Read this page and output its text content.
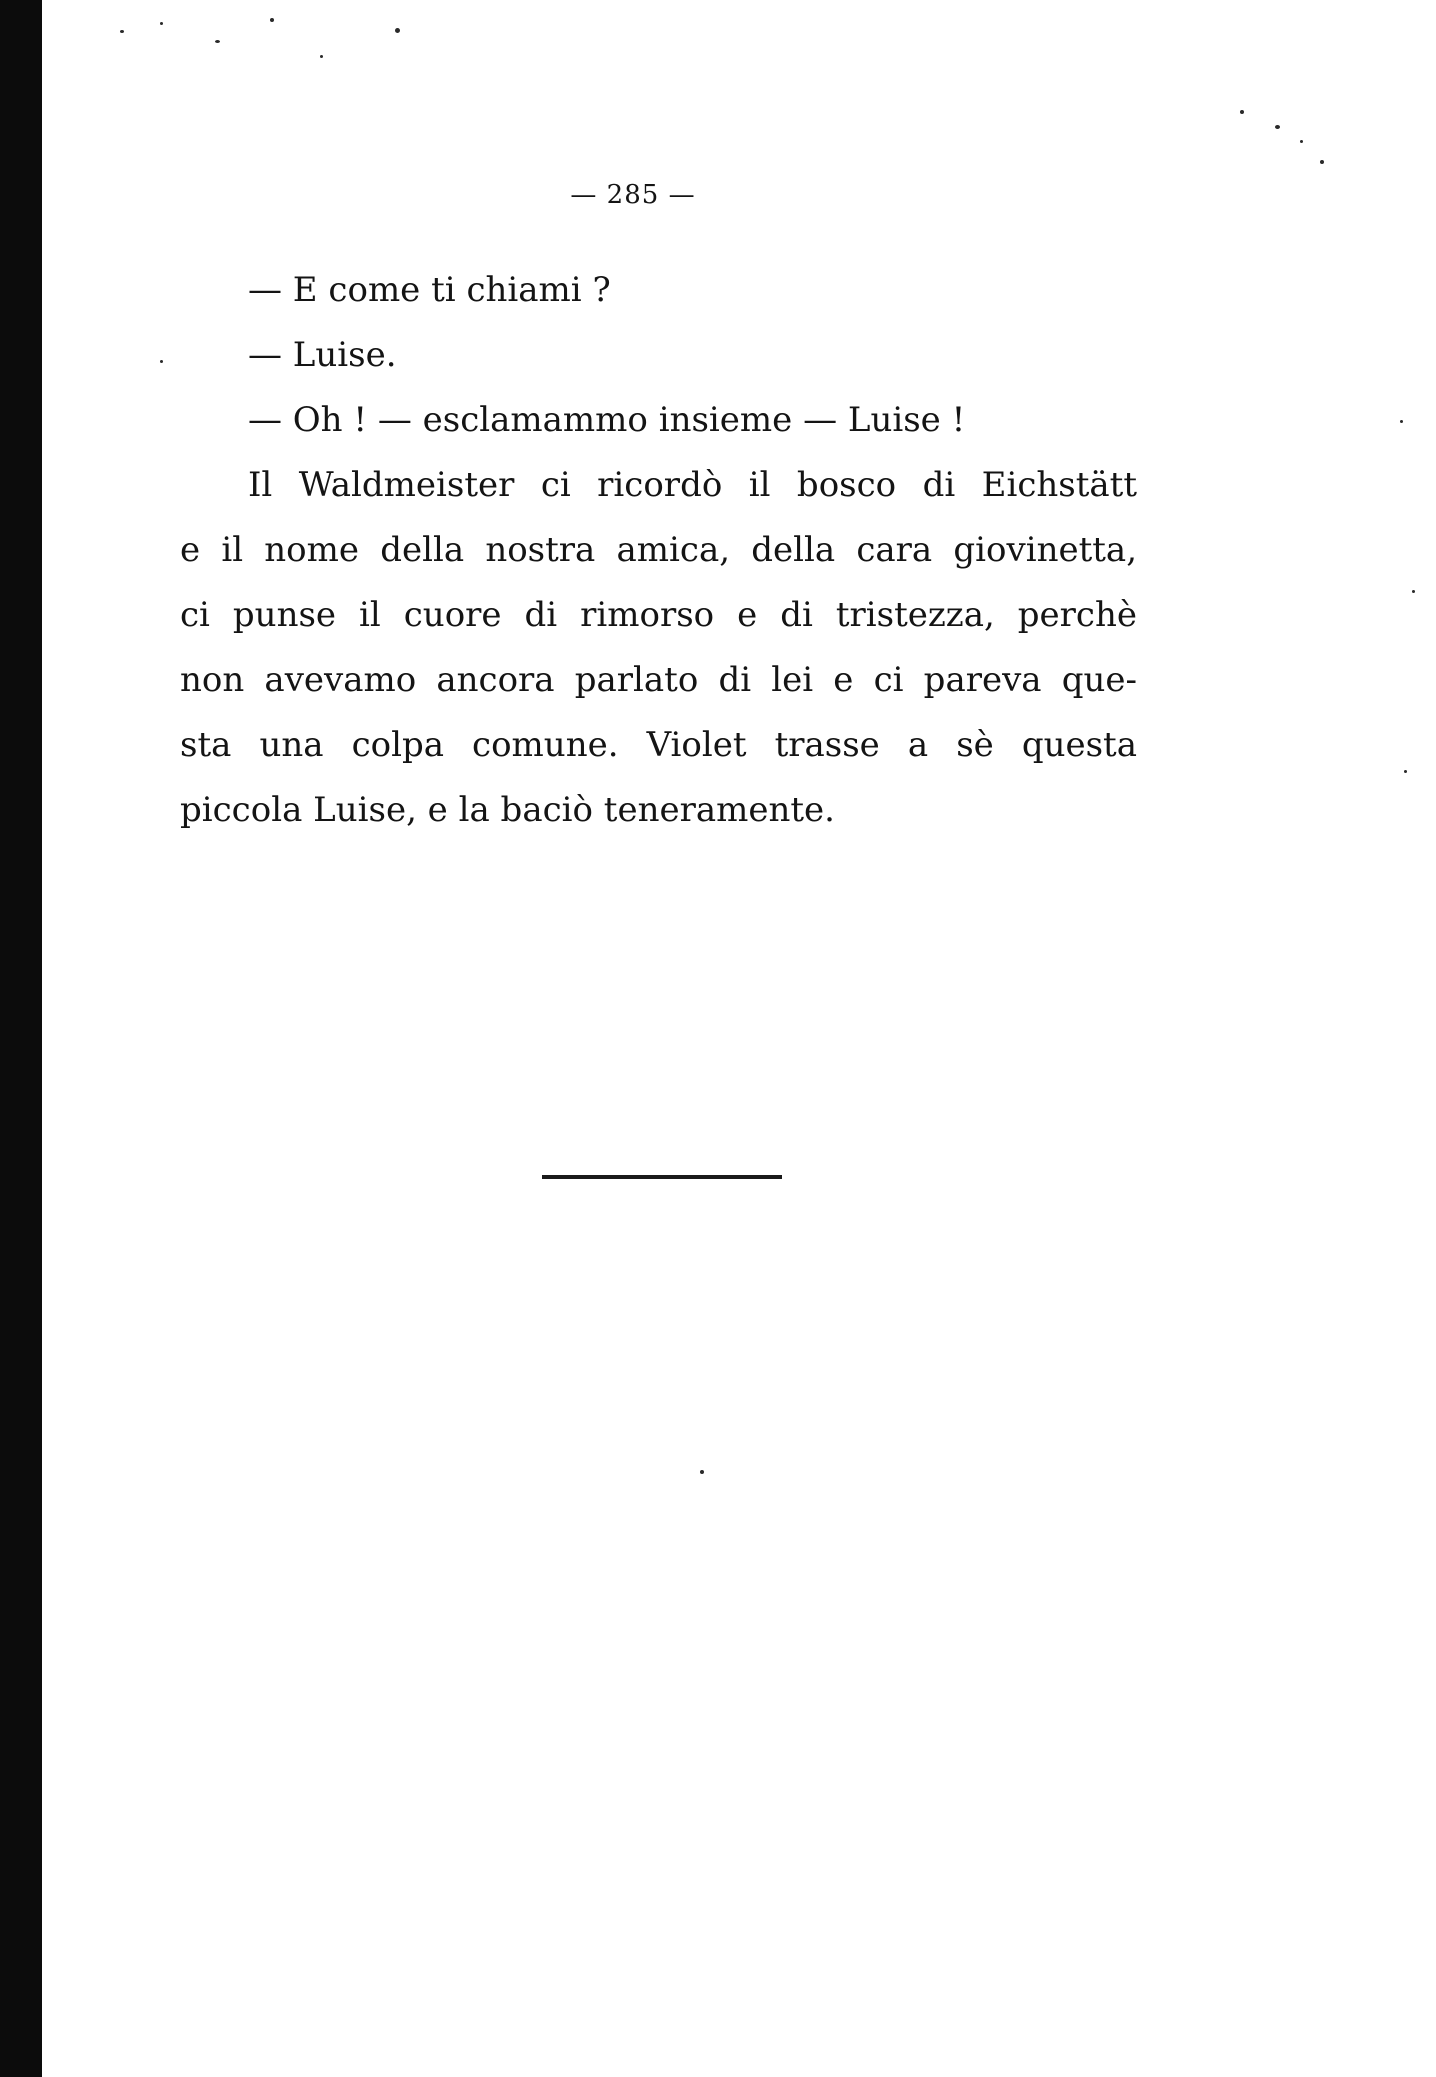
— 285 —
— E come ti chiami ?
— Luise.
— Oh ! — esclamammo insieme — Luise !
Il Waldmeister ci ricordò il bosco di Eichstätt
e il nome della nostra amica, della cara giovinetta,
ci punse il cuore di rimorso e di tristezza, perchè
non avevamo ancora parlato di lei e ci pareva que-
sta una colpa comune. Violet trasse a sè questa
piccola Luise, e la baciò teneramente.
